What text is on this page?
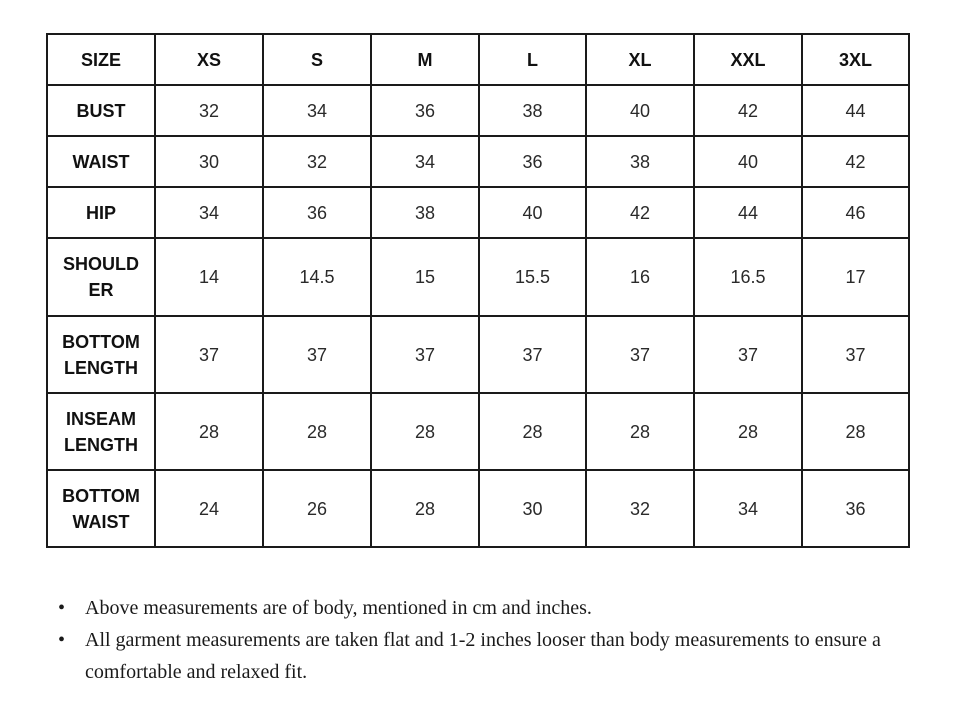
SIZE	XS	S	M	L	XL	XXL	3XL
BUST	32	34	36	38	40	42	44
WAIST	30	32	34	36	38	40	42
HIP	34	36	38	40	42	44	46

SHOULD
ER	14	14.5	15	15.5	16	16.5	17

BOTTOM
LENGTH	37	37	37	37	37	37	37

INSEAM
LENGTH	28	28	28	28	28	28	28

BOTTOM
WAIST	24	26	28	30	32	34	36
• Above measurements are of body, mentioned in cm and inches.
• All garment measurements are taken flat and 1-2 inches looser than body measurements to ensure a comfortable and relaxed fit.
